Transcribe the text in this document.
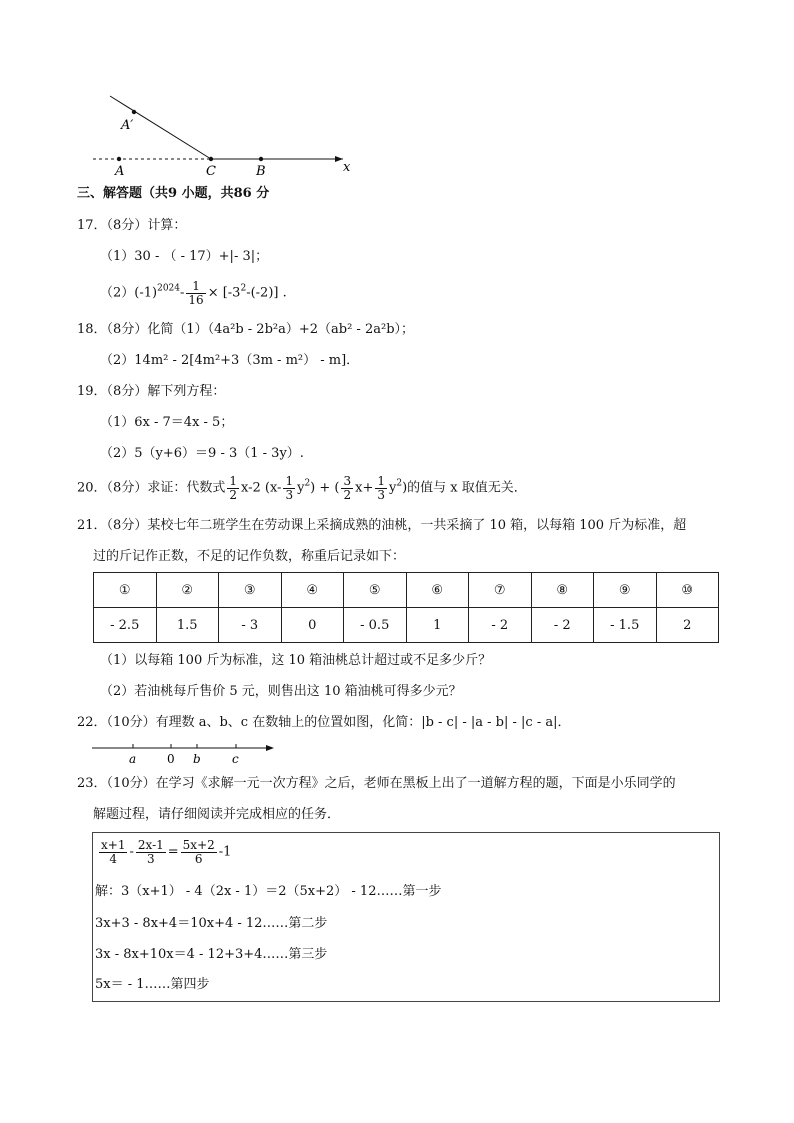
A′
A	C	B	x
三、解答题（共9 小题，共86 分
17．（8分）计算：
（1）30 - （ - 17）+|- 3|；
$(2)(-1)^{2024}- \frac{1}{16} \times [-3^2-(-2)]$ .
18．（8分）化简（1）（4a²b - 2b²a）+2（ab² - 2a²b）；
（2）14m² - 2[4m²+3（3m - m²） - m]．
19．（8分）解下列方程：
（1）6x - 7＝4x - 5；
（2）5（y+6）＝9 - 3（1 - 3y）.
20．（8分）求证：代数式 $\frac{1}{2} x-2$ $(x- \frac{1}{3} y^2)$ + ( $\frac{3}{2} x+ \frac{1}{3} y^2$)的值与 x 取值无关．
21．（8分）某校七年二班学生在劳动课上采摘成熟的油桃，一共采摘了 10 箱，以每箱 100 斤为标准，超
过的斤记作正数，不足的记作负数，称重后记录如下：
①	②	③	④	⑤	⑥	⑦	⑧	⑨	⑩
- 2.5	1.5	- 3	0	- 0.5	1	- 2	- 2	- 1.5	2
（1）以每箱 100 斤为标准，这 10 箱油桃总计超过或不足多少斤？
（2）若油桃每斤售价 5 元，则售出这 10 箱油桃可得多少元？
22．（10分）有理数 a、b、c 在数轴上的位置如图，化简：|b - c| - |a - b| - |c - a|．
a	0 b	c
23．（10分）在学习《求解一元一次方程》之后，老师在黑板上出了一道解方程的题，下面是小乐同学的
解题过程，请仔细阅读并完成相应的任务．
$\frac{x+1}{4} - \frac{2x-1}{3} = \frac{5x+2}{6} -1$
解：3（x+1） - 4（2x - 1）＝2（5x+2） - 12……第一步
3x+3 - 8x+4＝10x+4 - 12……第二步
3x - 8x+10x＝4 - 12+3+4……第三步
5x＝ - 1……第四步
